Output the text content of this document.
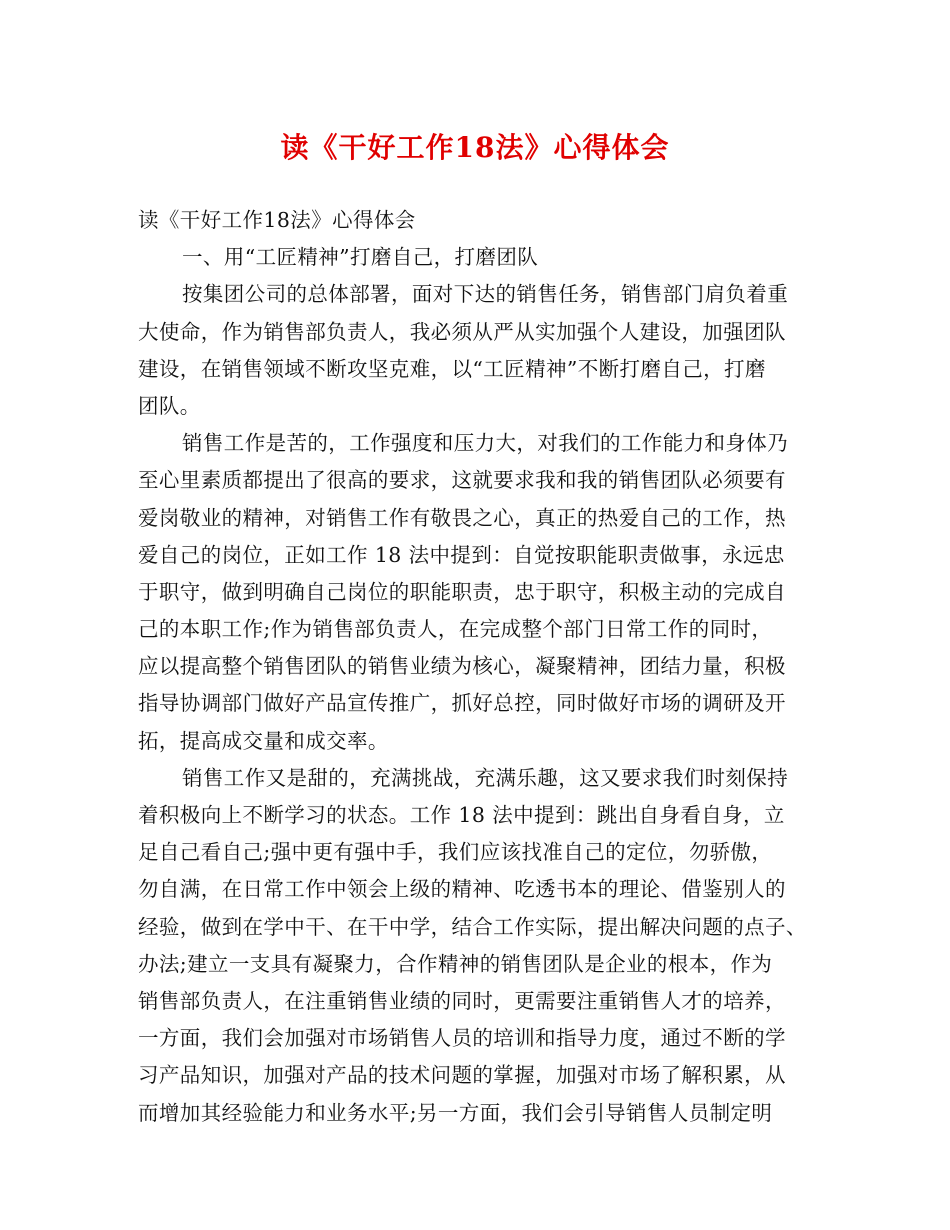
读《干好工作18法》心得体会
读《干好工作18法》心得体会
一、用“工匠精神”打磨自己，打磨团队
按集团公司的总体部署，面对下达的销售任务，销售部门肩负着重
大使命，作为销售部负责人，我必须从严从实加强个人建设，加强团队
建设，在销售领域不断攻坚克难，以“工匠精神”不断打磨自己，打磨
团队。
销售工作是苦的，工作强度和压力大，对我们的工作能力和身体乃
至心里素质都提出了很高的要求，这就要求我和我的销售团队必须要有
爱岗敬业的精神，对销售工作有敬畏之心，真正的热爱自己的工作，热
爱自己的岗位，正如工作 18 法中提到：自觉按职能职责做事，永远忠
于职守，做到明确自己岗位的职能职责，忠于职守，积极主动的完成自
己的本职工作;作为销售部负责人，在完成整个部门日常工作的同时，
应以提高整个销售团队的销售业绩为核心，凝聚精神，团结力量，积极
指导协调部门做好产品宣传推广，抓好总控，同时做好市场的调研及开
拓，提高成交量和成交率。
销售工作又是甜的，充满挑战，充满乐趣，这又要求我们时刻保持
着积极向上不断学习的状态。工作 18 法中提到：跳出自身看自身，立
足自己看自己;强中更有强中手，我们应该找准自己的定位，勿骄傲，
勿自满，在日常工作中领会上级的精神、吃透书本的理论、借鉴别人的
经验，做到在学中干、在干中学，结合工作实际，提出解决问题的点子、
办法;建立一支具有凝聚力，合作精神的销售团队是企业的根本，作为
销售部负责人，在注重销售业绩的同时，更需要注重销售人才的培养，
一方面，我们会加强对市场销售人员的培训和指导力度，通过不断的学
习产品知识，加强对产品的技术问题的掌握，加强对市场了解积累，从
而增加其经验能力和业务水平;另一方面，我们会引导销售人员制定明
